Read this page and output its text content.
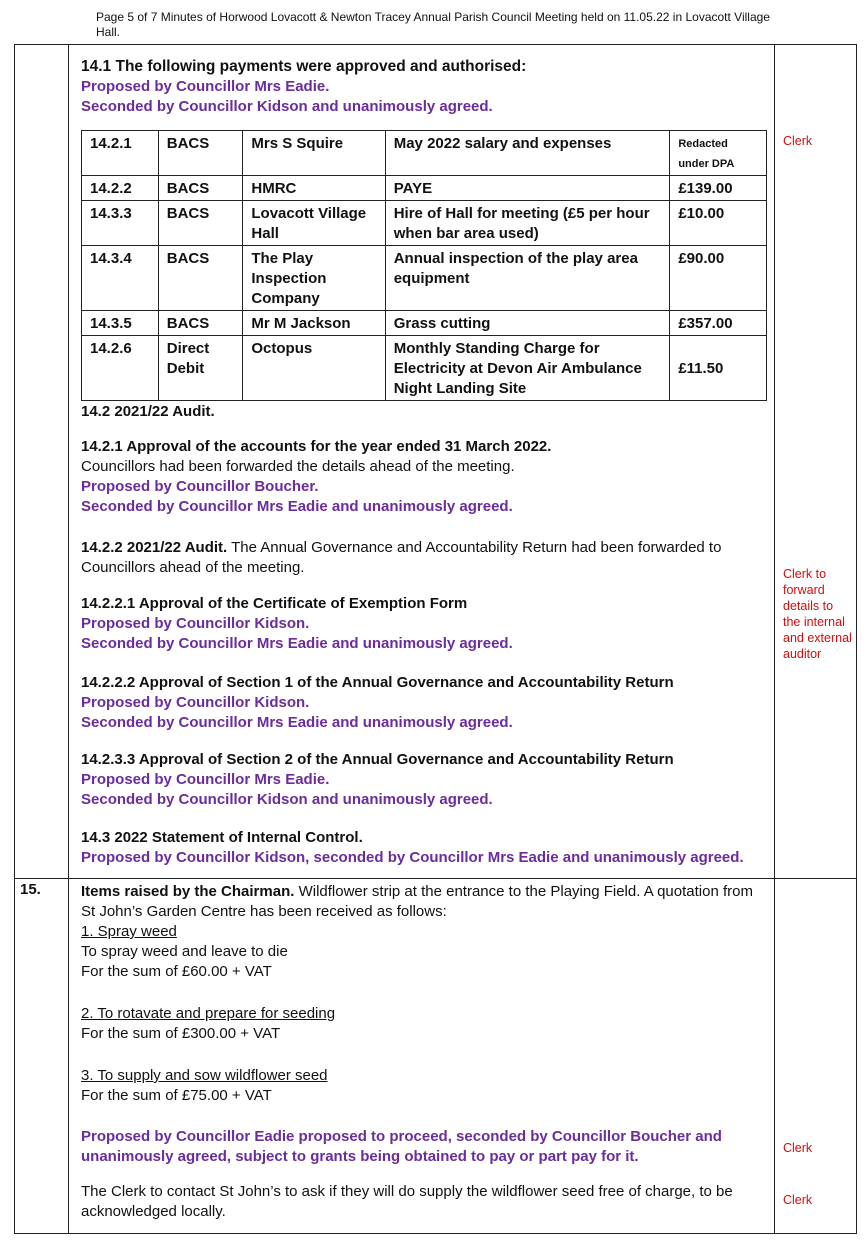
Page 5 of 7 Minutes of Horwood Lovacott & Newton Tracey Annual Parish Council Meeting held on 11.05.22 in Lovacott Village Hall.
14.1 The following payments were approved and authorised:
Proposed by Councillor Mrs Eadie.
Seconded by Councillor Kidson and unanimously agreed.
14.2.1	BACS	Mrs S Squire	May 2022 salary and expenses	Redacted under DPA
14.2.2	BACS	HMRC	PAYE	£139.00
14.3.3	BACS	Lovacott Village Hall	Hire of Hall for meeting (£5 per hour when bar area used)	£10.00
14.3.4	BACS	The Play Inspection Company	Annual inspection of the play area equipment	£90.00
14.3.5	BACS	Mr M Jackson	Grass cutting	£357.00
14.2.6	Direct Debit	Octopus	Monthly Standing Charge for Electricity at Devon Air Ambulance Night Landing Site	£11.50
14.2 2021/22 Audit.
14.2.1 Approval of the accounts for the year ended 31 March 2022.
Councillors had been forwarded the details ahead of the meeting.
Proposed by Councillor Boucher.
Seconded by Councillor Mrs Eadie and unanimously agreed.
14.2.2 2021/22 Audit. The Annual Governance and Accountability Return had been forwarded to Councillors ahead of the meeting.
14.2.2.1 Approval of the Certificate of Exemption Form
Proposed by Councillor Kidson.
Seconded by Councillor Mrs Eadie and unanimously agreed.
14.2.2.2 Approval of Section 1 of the Annual Governance and Accountability Return
Proposed by Councillor Kidson.
Seconded by Councillor Mrs Eadie and unanimously agreed.
14.2.3.3 Approval of Section 2 of the Annual Governance and Accountability Return
Proposed by Councillor Mrs Eadie.
Seconded by Councillor Kidson and unanimously agreed.
14.3 2022 Statement of Internal Control.
Proposed by Councillor Kidson, seconded by Councillor Mrs Eadie and unanimously agreed.
15.	Items raised by the Chairman. Wildflower strip at the entrance to the Playing Field. A quotation from St John’s Garden Centre has been received as follows:
1. Spray weed
To spray weed and leave to die
For the sum of £60.00 + VAT
2. To rotavate and prepare for seeding
For the sum of £300.00 + VAT
3. To supply and sow wildflower seed
For the sum of £75.00 + VAT
Proposed by Councillor Eadie proposed to proceed, seconded by Councillor Boucher and unanimously agreed, subject to grants being obtained to pay or part pay for it.
The Clerk to contact St John’s to ask if they will do supply the wildflower seed free of charge, to be acknowledged locally.
Clerk
Clerk to forward details to the internal and external auditor
Clerk
Clerk
